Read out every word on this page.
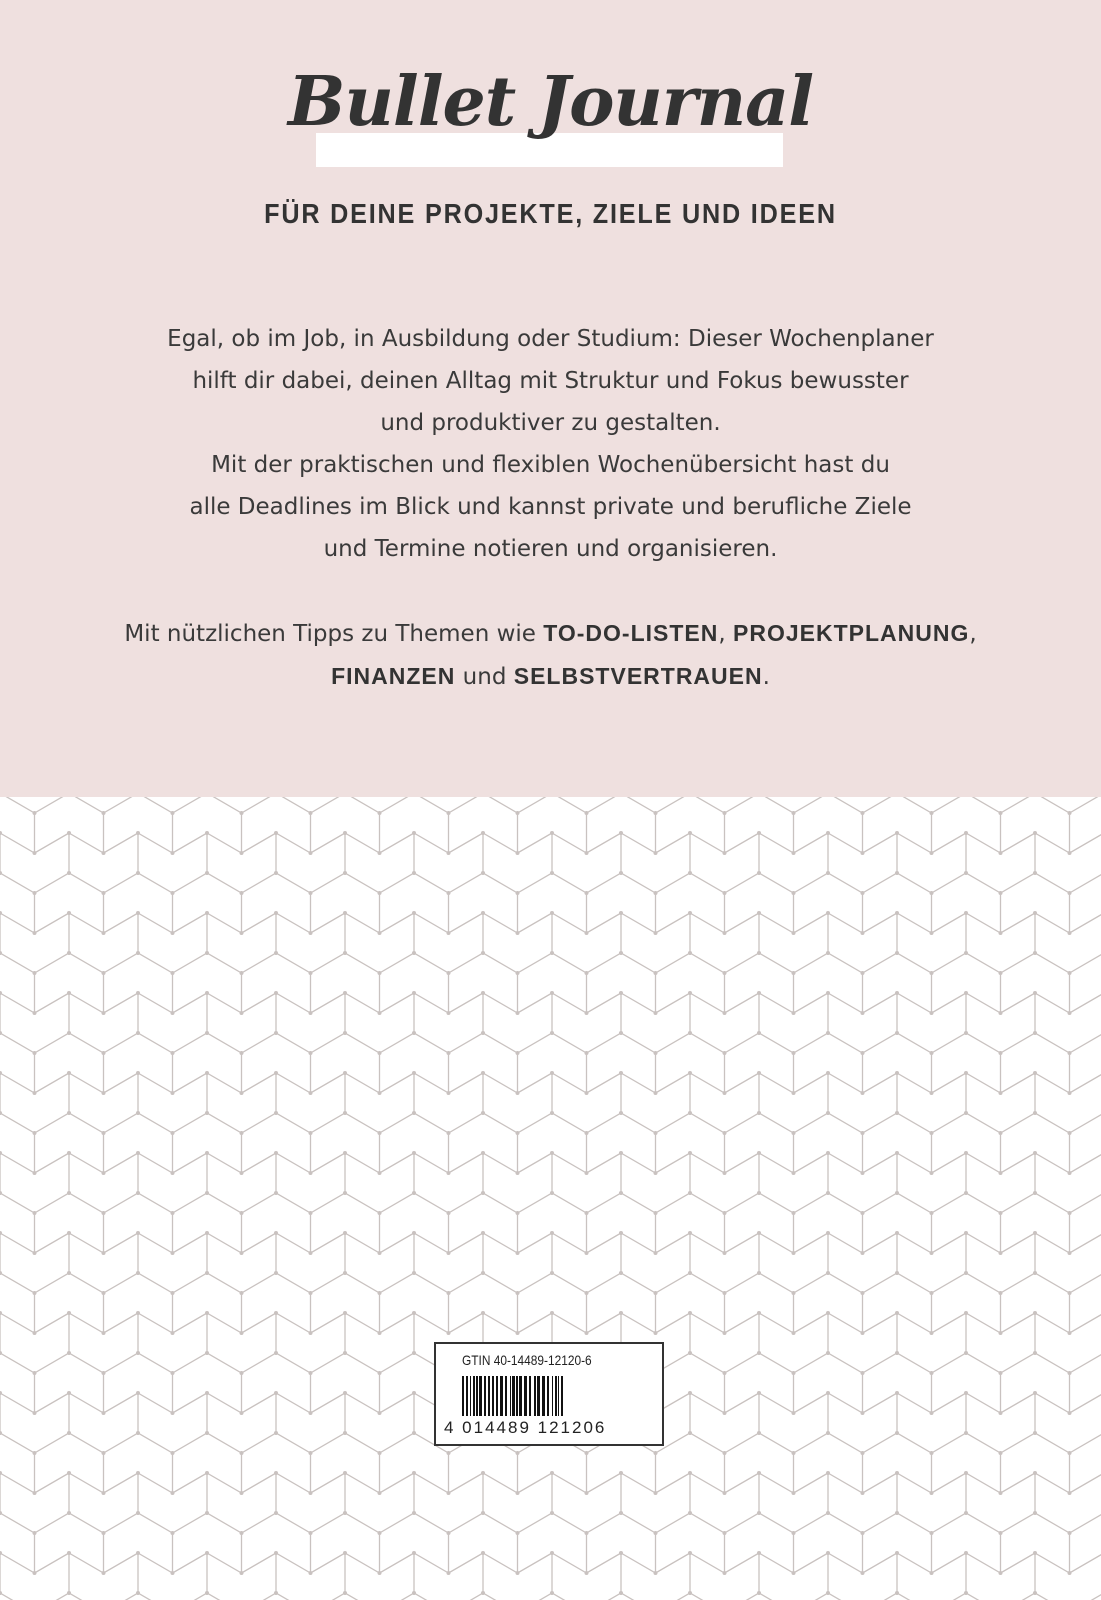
Bullet Journal
FÜR DEINE PROJEKTE, ZIELE UND IDEEN
Egal, ob im Job, in Ausbildung oder Studium: Dieser Wochenplaner
hilft dir dabei, deinen Alltag mit Struktur und Fokus bewusster
und produktiver zu gestalten.
Mit der praktischen und flexiblen Wochenübersicht hast du
alle Deadlines im Blick und kannst private und berufliche Ziele
und Termine notieren und organisieren.
Mit nützlichen Tipps zu Themen wie TO-DO-LISTEN, PROJEKTPLANUNG,
FINANZEN und SELBSTVERTRAUEN.
GTIN 40-14489-12120-6
4 014489 121206
